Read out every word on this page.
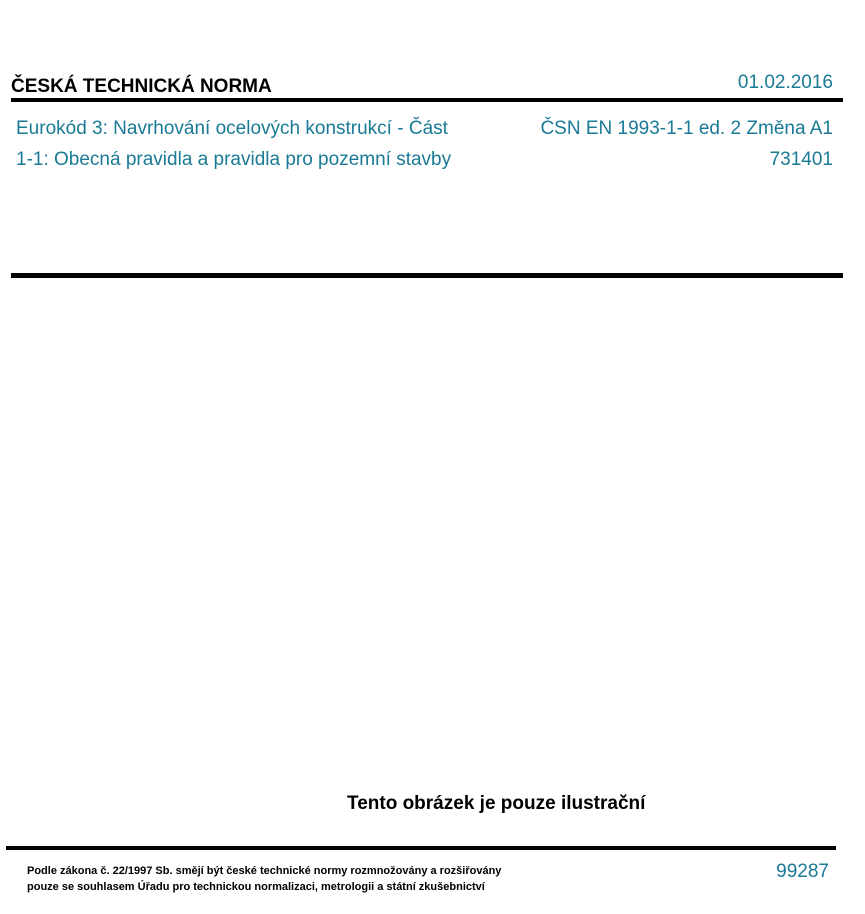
ČESKÁ TECHNICKÁ NORMA	01.02.2016
Eurokód 3: Navrhování ocelových konstrukcí - Část
1-1: Obecná pravidla a pravidla pro pozemní stavby
ČSN EN 1993-1-1 ed. 2 Změna A1
731401
Tento obrázek je pouze ilustrační
Podle zákona č. 22/1997 Sb. smějí být české technické normy rozmnožovány a rozšiřovány
pouze se souhlasem Úřadu pro technickou normalizaci, metrologii a státní zkušebnictví
99287
